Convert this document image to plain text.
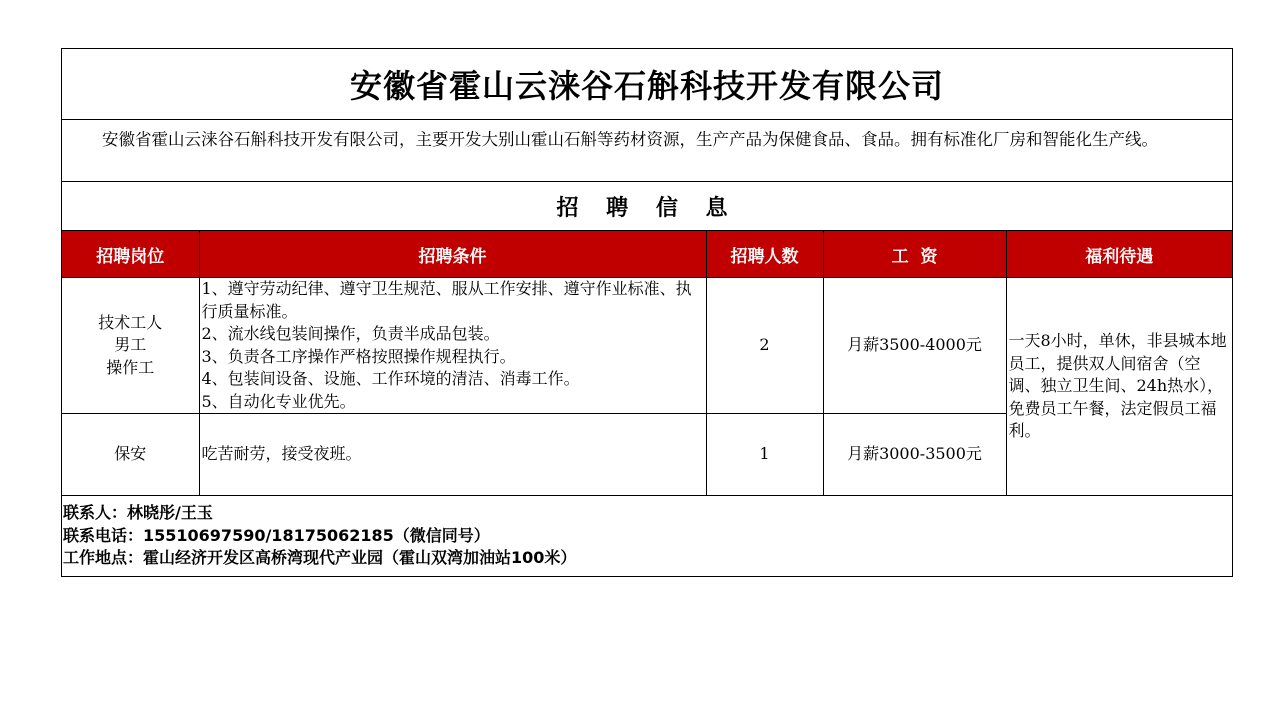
安徽省霍山云涞谷石斛科技开发有限公司
安徽省霍山云涞谷石斛科技开发有限公司，主要开发大别山霍山石斛等药材资源，生产产品为保健食品、食品。拥有标准化厂房和智能化生产线。
招 聘 信 息
招聘岗位	招聘条件	招聘人数	工  资	福利待遇

技术工人
男工
操作工	1、遵守劳动纪律、遵守卫生规范、服从工作安排、遵守作业标准、执行质量标准。
2、流水线包装间操作，负责半成品包装。
3、负责各工序操作严格按照操作规程执行。
4、包装间设备、设施、工作环境的清洁、消毒工作。
5、自动化专业优先。	2	月薪3500-4000元	一天8小时，单休，非县城本地员工，提供双人间宿舍（空调、独立卫生间、24h热水），免费员工午餐，法定假员工福利。
保安	吃苦耐劳，接受夜班。	1	月薪3000-3500元	
联系人：林晓彤/王玉
联系电话：15510697590/18175062185（微信同号）
工作地点：霍山经济开发区高桥湾现代产业园（霍山双湾加油站100米）
